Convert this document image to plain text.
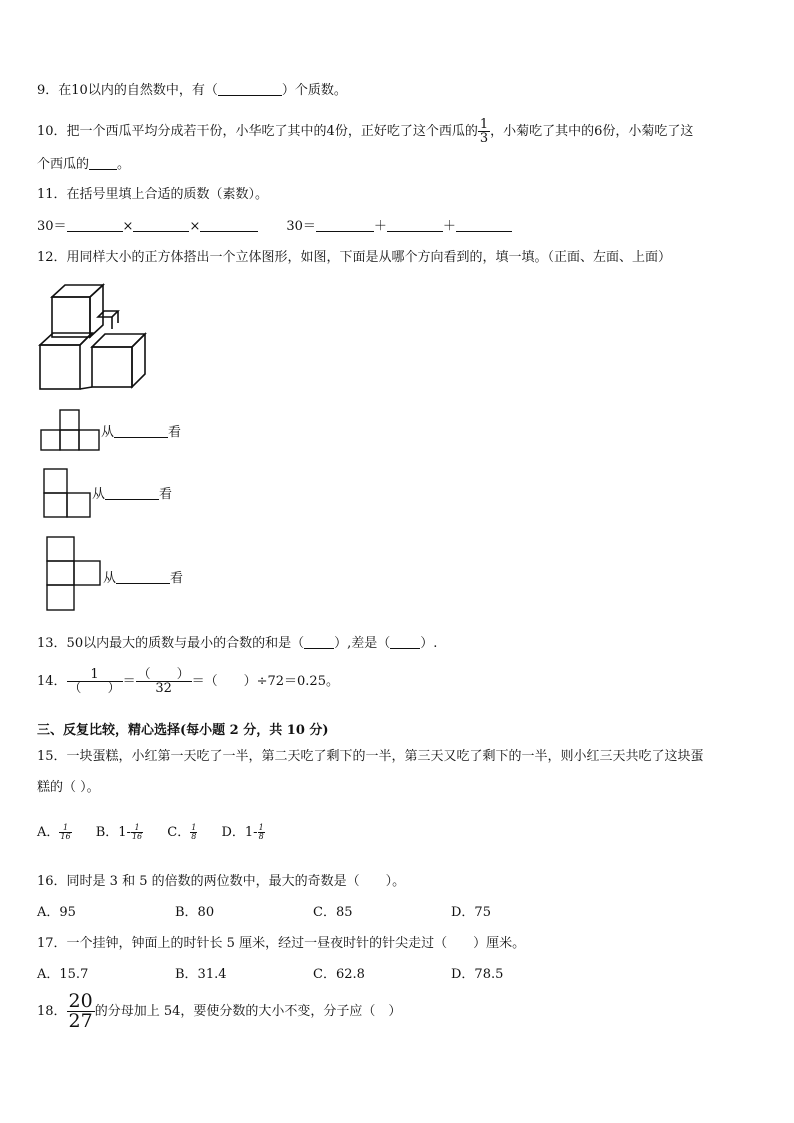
9．在10以内的自然数中，有（	）个质数。
10．把一个西瓜平均分成若干份，小华吃了其中的4份，正好吃了这个西瓜的 $\frac{1}{3}$ ，小菊吃了其中的6份，小菊吃了这
个西瓜的 。
11．在括号里填上合适的质数（素数）。
30＝	×	×	30＝	＋	＋
12．用同样大小的正方体搭出一个立体图形，如图，下面是从哪个方向看到的，填一填。（正面、左面、上面）
从	看
从	看
从	看
13．50以内最大的质数与最小的合数的和是（ ）,差是（ ）.
14． $\frac{1}{( )} = \frac{( )}{32}$ ＝（　　）÷72＝0.25。
三、反复比较，精心选择(每小题 2 分，共 10 分)
15．一块蛋糕，小红第一天吃了一半，第二天吃了剩下的一半，第三天又吃了剩下的一半，则小红三天共吃了这块蛋
糕的（ ）。
A． $\frac{1}{16}$ B．$1- \frac{1}{16}$ C． $\frac{1}{8}$ D．$1- \frac{1}{8}$
16．同时是 3 和 5 的倍数的两位数中，最大的奇数是（　　）。
A．95	B．80	C．85	D．75
17．一个挂钟，钟面上的时针长 5 厘米，经过一昼夜时针的针尖走过（　　）厘米。
A．15.7	B．31.4	C．62.8	D．78.5
18． $\frac{20}{27}$ 的分母加上 54，要使分数的大小不变，分子应（　）
